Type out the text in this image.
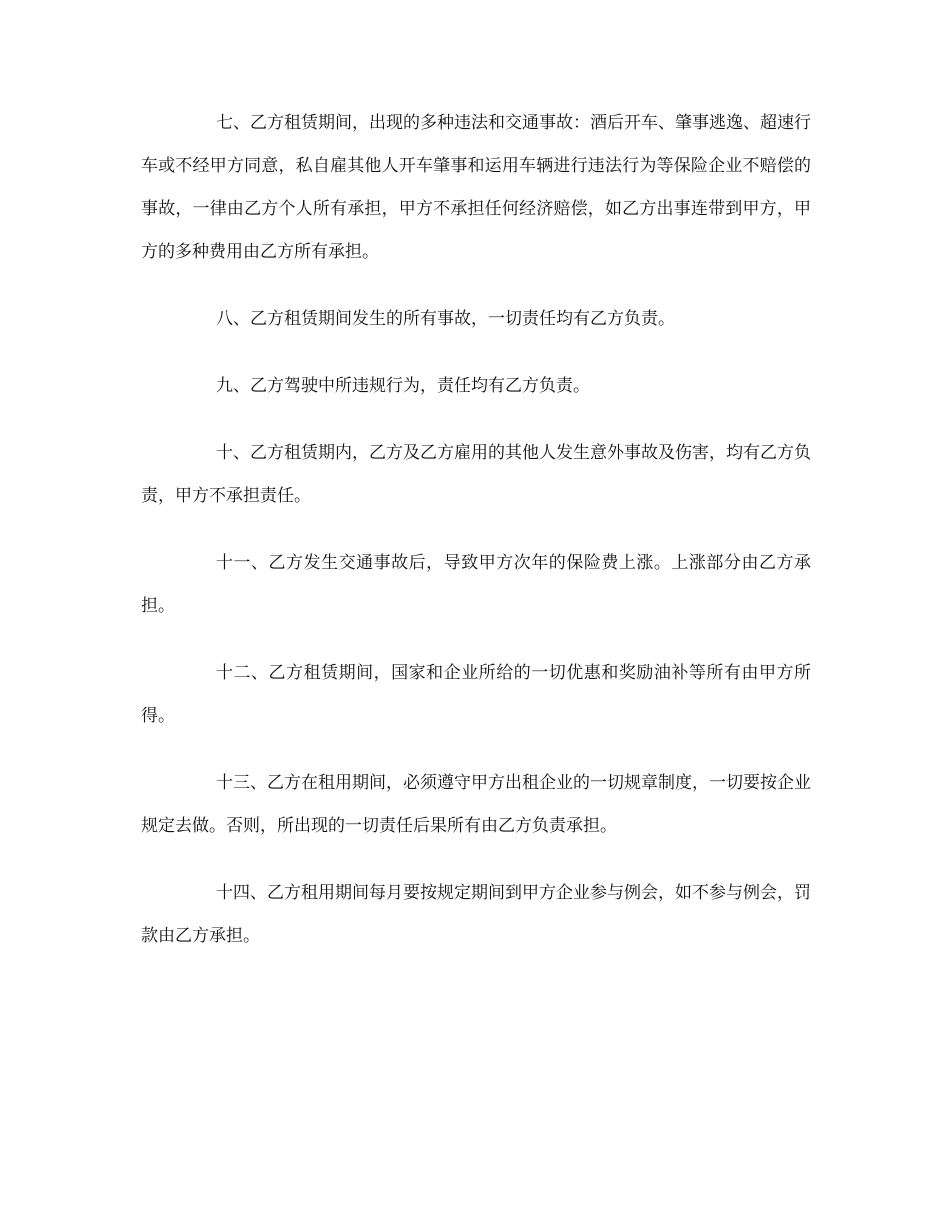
七、乙方租赁期间，出现的多种违法和交通事故：酒后开车、肇事逃逸、超速行车或不经甲方同意，私自雇其他人开车肇事和运用车辆进行违法行为等保险企业不赔偿的事故，一律由乙方个人所有承担，甲方不承担任何经济赔偿，如乙方出事连带到甲方，甲方的多种费用由乙方所有承担。

八、乙方租赁期间发生的所有事故，一切责任均有乙方负责。

九、乙方驾驶中所违规行为，责任均有乙方负责。

十、乙方租赁期内，乙方及乙方雇用的其他人发生意外事故及伤害，均有乙方负责，甲方不承担责任。

十一、乙方发生交通事故后，导致甲方次年的保险费上涨。上涨部分由乙方承担。

十二、乙方租赁期间，国家和企业所给的一切优惠和奖励油补等所有由甲方所得。

十三、乙方在租用期间，必须遵守甲方出租企业的一切规章制度，一切要按企业规定去做。否则，所出现的一切责任后果所有由乙方负责承担。

十四、乙方租用期间每月要按规定期间到甲方企业参与例会，如不参与例会，罚款由乙方承担。
